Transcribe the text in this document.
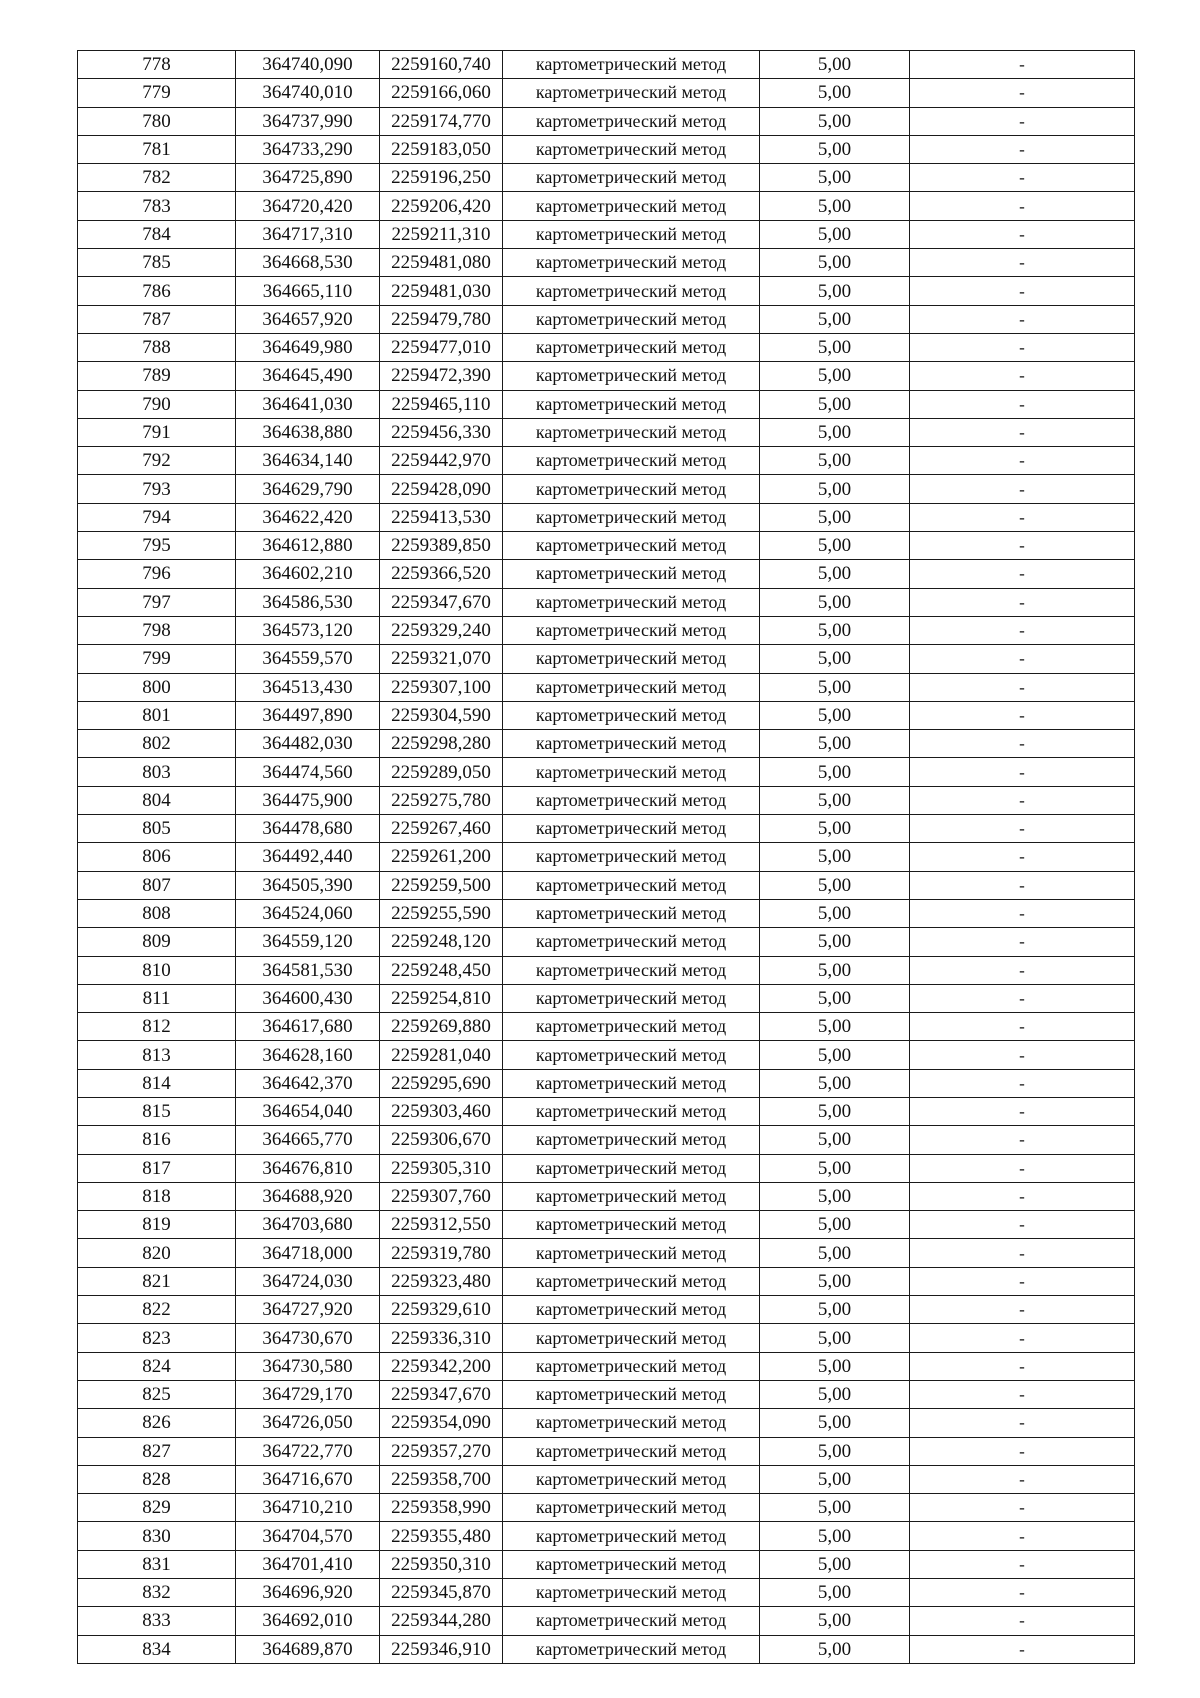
778	364740,090	2259160,740	картометрический метод	5,00	-
779	364740,010	2259166,060	картометрический метод	5,00	-
780	364737,990	2259174,770	картометрический метод	5,00	-
781	364733,290	2259183,050	картометрический метод	5,00	-
782	364725,890	2259196,250	картометрический метод	5,00	-
783	364720,420	2259206,420	картометрический метод	5,00	-
784	364717,310	2259211,310	картометрический метод	5,00	-
785	364668,530	2259481,080	картометрический метод	5,00	-
786	364665,110	2259481,030	картометрический метод	5,00	-
787	364657,920	2259479,780	картометрический метод	5,00	-
788	364649,980	2259477,010	картометрический метод	5,00	-
789	364645,490	2259472,390	картометрический метод	5,00	-
790	364641,030	2259465,110	картометрический метод	5,00	-
791	364638,880	2259456,330	картометрический метод	5,00	-
792	364634,140	2259442,970	картометрический метод	5,00	-
793	364629,790	2259428,090	картометрический метод	5,00	-
794	364622,420	2259413,530	картометрический метод	5,00	-
795	364612,880	2259389,850	картометрический метод	5,00	-
796	364602,210	2259366,520	картометрический метод	5,00	-
797	364586,530	2259347,670	картометрический метод	5,00	-
798	364573,120	2259329,240	картометрический метод	5,00	-
799	364559,570	2259321,070	картометрический метод	5,00	-
800	364513,430	2259307,100	картометрический метод	5,00	-
801	364497,890	2259304,590	картометрический метод	5,00	-
802	364482,030	2259298,280	картометрический метод	5,00	-
803	364474,560	2259289,050	картометрический метод	5,00	-
804	364475,900	2259275,780	картометрический метод	5,00	-
805	364478,680	2259267,460	картометрический метод	5,00	-
806	364492,440	2259261,200	картометрический метод	5,00	-
807	364505,390	2259259,500	картометрический метод	5,00	-
808	364524,060	2259255,590	картометрический метод	5,00	-
809	364559,120	2259248,120	картометрический метод	5,00	-
810	364581,530	2259248,450	картометрический метод	5,00	-
811	364600,430	2259254,810	картометрический метод	5,00	-
812	364617,680	2259269,880	картометрический метод	5,00	-
813	364628,160	2259281,040	картометрический метод	5,00	-
814	364642,370	2259295,690	картометрический метод	5,00	-
815	364654,040	2259303,460	картометрический метод	5,00	-
816	364665,770	2259306,670	картометрический метод	5,00	-
817	364676,810	2259305,310	картометрический метод	5,00	-
818	364688,920	2259307,760	картометрический метод	5,00	-
819	364703,680	2259312,550	картометрический метод	5,00	-
820	364718,000	2259319,780	картометрический метод	5,00	-
821	364724,030	2259323,480	картометрический метод	5,00	-
822	364727,920	2259329,610	картометрический метод	5,00	-
823	364730,670	2259336,310	картометрический метод	5,00	-
824	364730,580	2259342,200	картометрический метод	5,00	-
825	364729,170	2259347,670	картометрический метод	5,00	-
826	364726,050	2259354,090	картометрический метод	5,00	-
827	364722,770	2259357,270	картометрический метод	5,00	-
828	364716,670	2259358,700	картометрический метод	5,00	-
829	364710,210	2259358,990	картометрический метод	5,00	-
830	364704,570	2259355,480	картометрический метод	5,00	-
831	364701,410	2259350,310	картометрический метод	5,00	-
832	364696,920	2259345,870	картометрический метод	5,00	-
833	364692,010	2259344,280	картометрический метод	5,00	-
834	364689,870	2259346,910	картометрический метод	5,00	-
